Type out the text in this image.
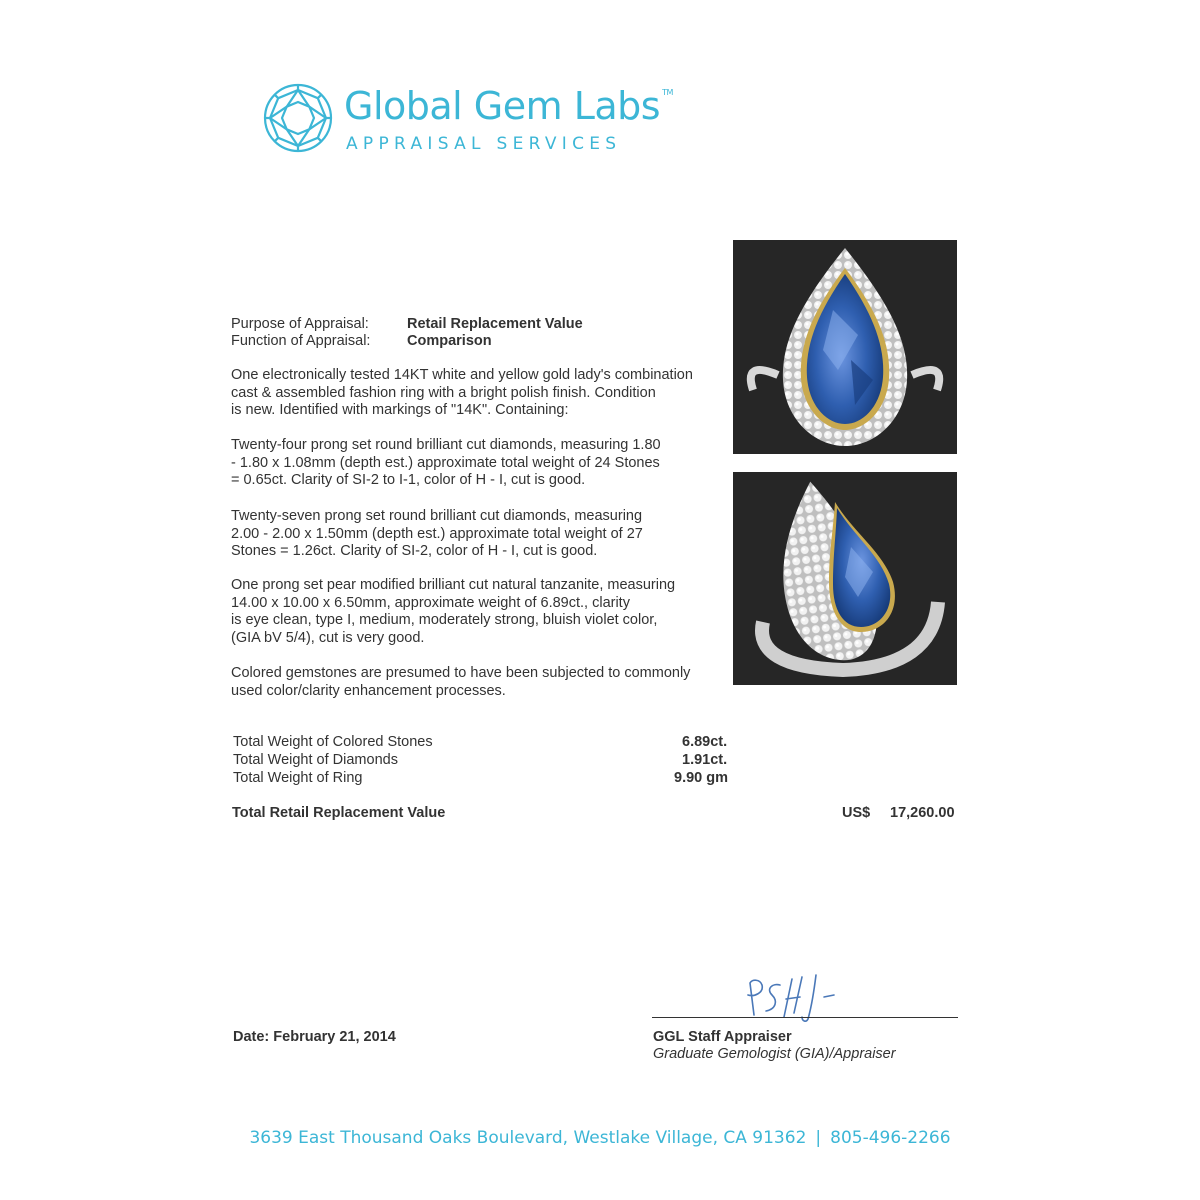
Global Gem Labs ™
APPRAISAL SERVICES
Purpose of Appraisal:	Retail Replacement Value
Function of Appraisal:	Comparison
One electronically tested 14KT white and yellow gold lady's combination
cast & assembled fashion ring with a bright polish finish. Condition
is new. Identified with markings of "14K". Containing:
Twenty-four prong set round brilliant cut diamonds, measuring 1.80
- 1.80 x 1.08mm (depth est.) approximate total weight of 24 Stones
= 0.65ct. Clarity of SI-2 to I-1, color of H - I, cut is good.
Twenty-seven prong set round brilliant cut diamonds, measuring
2.00 - 2.00 x 1.50mm (depth est.) approximate total weight of 27
Stones = 1.26ct. Clarity of SI-2, color of H - I, cut is good.
One prong set pear modified brilliant cut natural tanzanite, measuring
14.00 x 10.00 x 6.50mm, approximate weight of 6.89ct., clarity
is eye clean, type I, medium, moderately strong, bluish violet color,
(GIA bV 5/4), cut is very good.
Colored gemstones are presumed to have been subjected to commonly
used color/clarity enhancement processes.
Total Weight of Colored Stones	6.89ct.
Total Weight of Diamonds	1.91ct.
Total Weight of Ring	9.90 gm
Total Retail Replacement Value	US$ 17,260.00
Date: February 21, 2014	GGL Staff Appraiser
Graduate Gemologist (GIA)/Appraiser
3639 East Thousand Oaks Boulevard, Westlake Village, CA 91362 | 805-496-2266
